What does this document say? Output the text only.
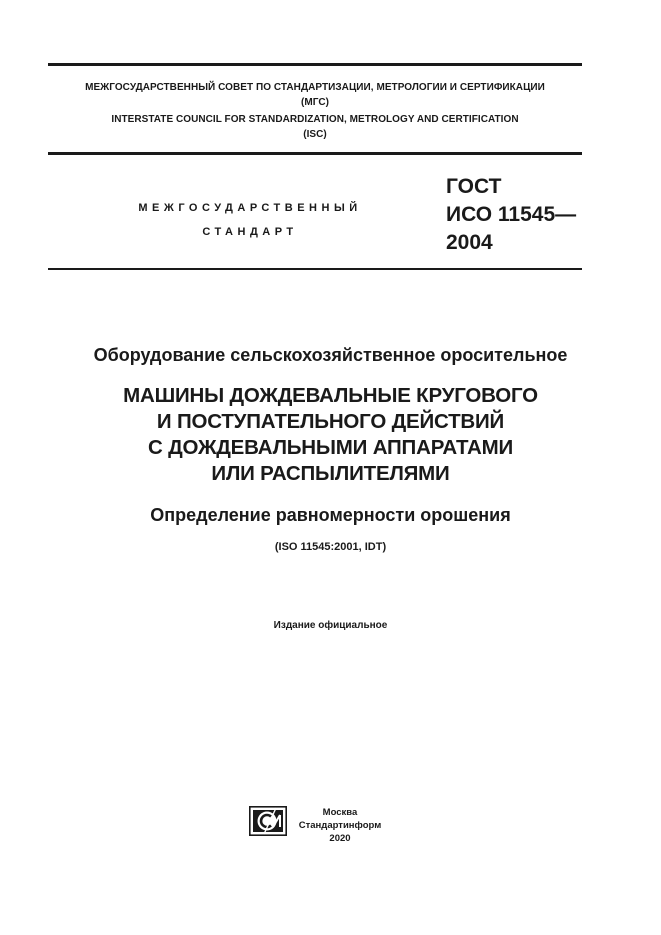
МЕЖГОСУДАРСТВЕННЫЙ СОВЕТ ПО СТАНДАРТИЗАЦИИ, МЕТРОЛОГИИ И СЕРТИФИКАЦИИ
(МГС)
INTERSTATE COUNCIL FOR STANDARDIZATION, METROLOGY AND CERTIFICATION
(ISC)
МЕЖГОСУДАРСТВЕННЫЙ
СТАНДАРТ
ГОСТ
ИСО 11545—
2004
Оборудование сельскохозяйственное оросительное
МАШИНЫ ДОЖДЕВАЛЬНЫЕ КРУГОВОГО
И ПОСТУПАТЕЛЬНОГО ДЕЙСТВИЙ
С ДОЖДЕВАЛЬНЫМИ АППАРАТАМИ
ИЛИ РАСПЫЛИТЕЛЯМИ
Определение равномерности орошения
(ISO 11545:2001, IDT)
Издание официальное
Москва
Стандартинформ
2020
